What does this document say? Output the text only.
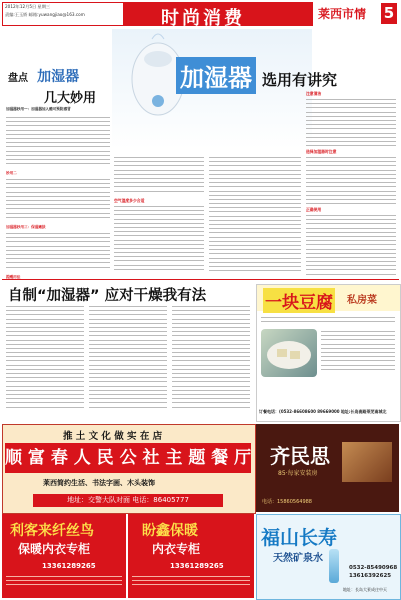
2012年12月5日 星期三
责编:王玉娇 邮箱:yuwangjiao@163.com	时尚消费	莱西市情 5
盘点 加湿器
几大妙用
加湿器妙用一：加湿器加入醋可预防感冒
妙用二
加湿器妙用三：保湿嫩肤
提醒用法
加湿器 选用有讲究
空气湿度多少合适
注意清洁
选择加湿器时注意
正确使用
自制“加湿器” 应对干燥我有法	一块豆腐 私房菜
订餐电话：(0532-86608600 89669000 地址:长岛高路莱芜南城北
推 土 文 化 做 实 在 店
顺 富 春 人 民 公 社 主 题 餐 厅
莱西简约生活、书法字画、木头装饰
地址：交警大队对面 电话：86405777
齐民思
85·每家安装房
电话：15860564988
利客来纤丝鸟
保暖内衣专柜
13361289265
盼鑫保暖
内衣专柜
13361289265
福山长寿
天然矿泉水
0532-85490968
13616392625
地址：长岛大景成庄中天
